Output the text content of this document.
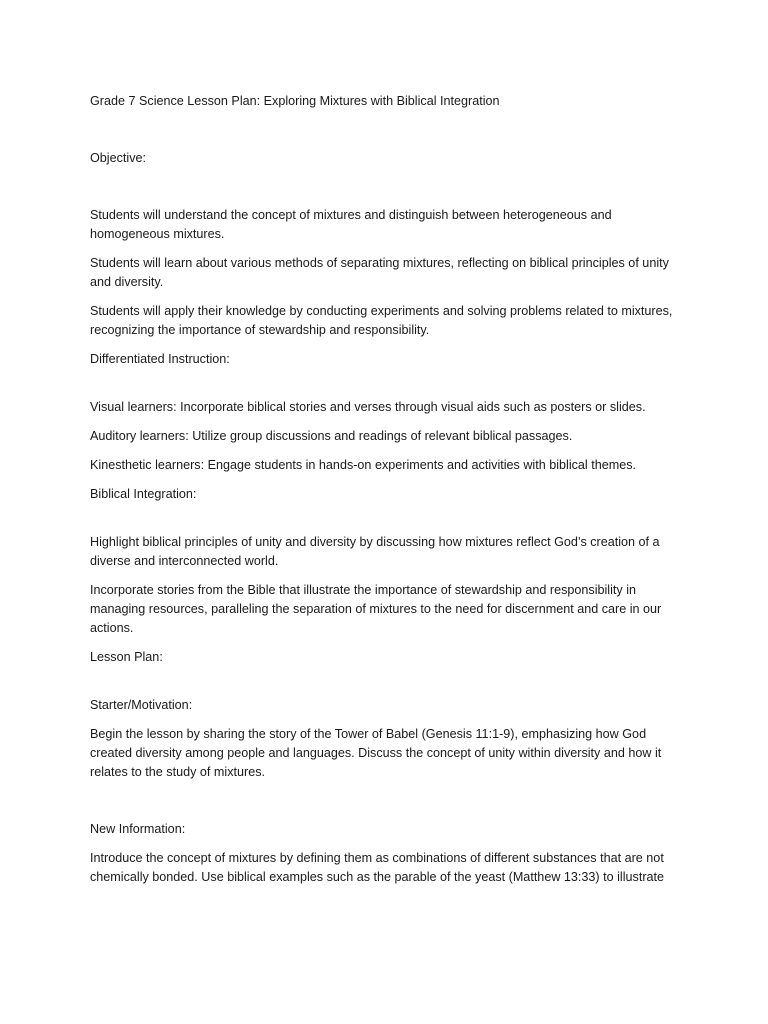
Grade 7 Science Lesson Plan: Exploring Mixtures with Biblical Integration

Objective:

Students will understand the concept of mixtures and distinguish between heterogeneous and homogeneous mixtures.

Students will learn about various methods of separating mixtures, reflecting on biblical principles of unity and diversity.

Students will apply their knowledge by conducting experiments and solving problems related to mixtures, recognizing the importance of stewardship and responsibility.

Differentiated Instruction:

Visual learners: Incorporate biblical stories and verses through visual aids such as posters or slides.

Auditory learners: Utilize group discussions and readings of relevant biblical passages.

Kinesthetic learners: Engage students in hands-on experiments and activities with biblical themes.

Biblical Integration:

Highlight biblical principles of unity and diversity by discussing how mixtures reflect God’s creation of a diverse and interconnected world.

Incorporate stories from the Bible that illustrate the importance of stewardship and responsibility in managing resources, paralleling the separation of mixtures to the need for discernment and care in our actions.

Lesson Plan:

Starter/Motivation:

Begin the lesson by sharing the story of the Tower of Babel (Genesis 11:1-9), emphasizing how God created diversity among people and languages. Discuss the concept of unity within diversity and how it relates to the study of mixtures.

New Information:

Introduce the concept of mixtures by defining them as combinations of different substances that are not chemically bonded. Use biblical examples such as the parable of the yeast (Matthew 13:33) to illustrate
